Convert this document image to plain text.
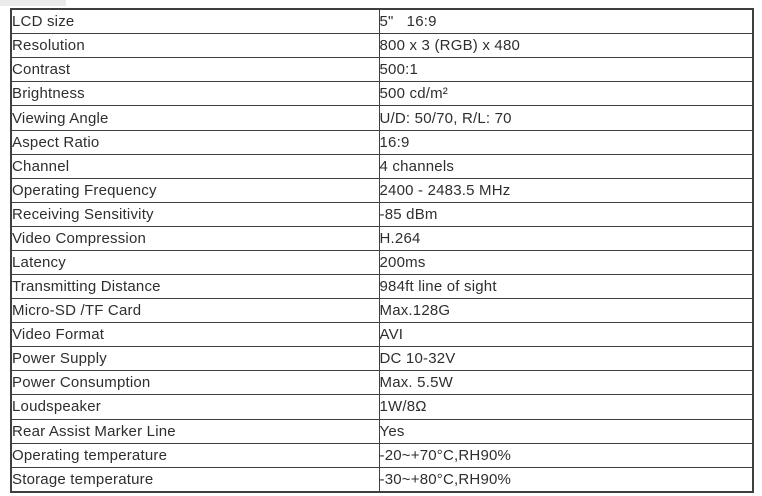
LCD size	5"   16:9
Resolution	800 x 3 (RGB) x 480
Contrast	500:1
Brightness	500 cd/m²
Viewing Angle	U/D: 50/70, R/L: 70
Aspect Ratio	16:9
Channel	4 channels
Operating Frequency	2400 - 2483.5 MHz
Receiving Sensitivity	-85 dBm
Video Compression	H.264
Latency	200ms
Transmitting Distance	984ft line of sight
Micro-SD /TF Card	Max.128G
Video Format	AVI
Power Supply	DC 10-32V
Power Consumption	Max. 5.5W
Loudspeaker	1W/8Ω
Rear Assist Marker Line	Yes
Operating temperature	-20~+70°C,RH90%
Storage temperature	-30~+80°C,RH90%
